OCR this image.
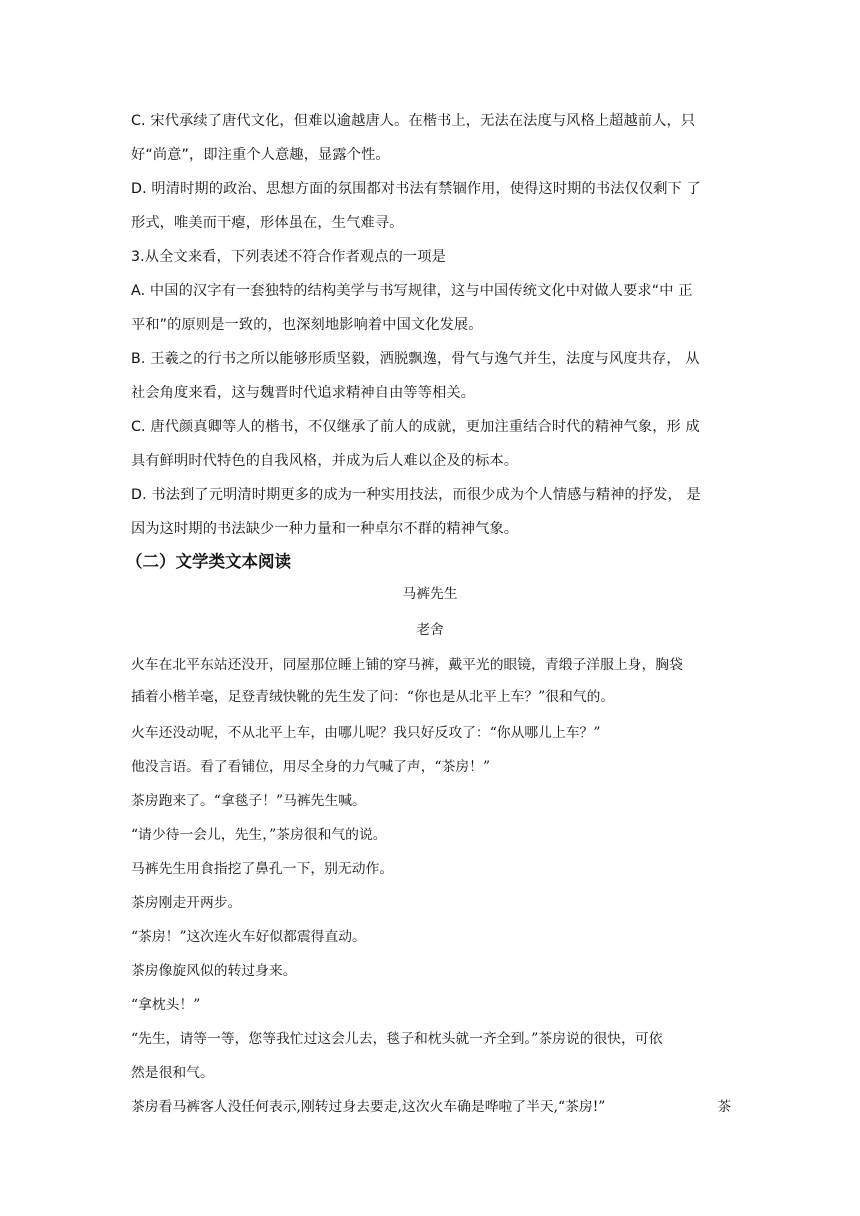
C. 宋代承续了唐代文化，但难以逾越唐人。在楷书上，无法在法度与风格上超越前人，只
好“尚意”，即注重个人意趣，显露个性。
D. 明清时期的政治、思想方面的氛围都对书法有禁锢作用，使得这时期的书法仅仅剩下 了
形式，唯美而干瘪，形体虽在，生气难寻。
3.从全文来看，下列表述不符合作者观点的一项是
A. 中国的汉字有一套独特的结构美学与书写规律，这与中国传统文化中对做人要求“中 正
平和”的原则是一致的，也深刻地影响着中国文化发展。
B. 王羲之的行书之所以能够形质坚毅，洒脱飘逸，骨气与逸气并生，法度与风度共存， 从
社会角度来看，这与魏晋时代追求精神自由等等相关。
C. 唐代颜真卿等人的楷书，不仅继承了前人的成就，更加注重结合时代的精神气象，形 成
具有鲜明时代特色的自我风格，并成为后人难以企及的标本。
D. 书法到了元明清时期更多的成为一种实用技法，而很少成为个人情感与精神的抒发， 是
因为这时期的书法缺少一种力量和一种卓尔不群的精神气象。
（二）文学类文本阅读
马裤先生
老舍
火车在北平东站还没开，同屋那位睡上铺的穿马裤，戴平光的眼镜，青缎子洋服上身，胸袋
插着小楷羊毫，足登青绒快靴的先生发了问：“你也是从北平上车？”很和气的。
火车还没动呢，不从北平上车，由哪儿呢？我只好反攻了：“你从哪儿上车？”
他没言语。看了看铺位，用尽全身的力气喊了声，“茶房！”
茶房跑来了。“拿毯子！”马裤先生喊。
“请少待一会儿，先生，”茶房很和气的说。
马裤先生用食指挖了鼻孔一下，别无动作。
茶房刚走开两步。
“茶房！”这次连火车好似都震得直动。
茶房像旋风似的转过身来。
“拿枕头！”
“先生，请等一等，您等我忙过这会儿去，毯子和枕头就一齐全到。”茶房说的很快，可依
然是很和气。
茶房看马裤客人没任何表示,刚转过身去要走,这次火车确是哗啦了半天,“茶房!”	茶
